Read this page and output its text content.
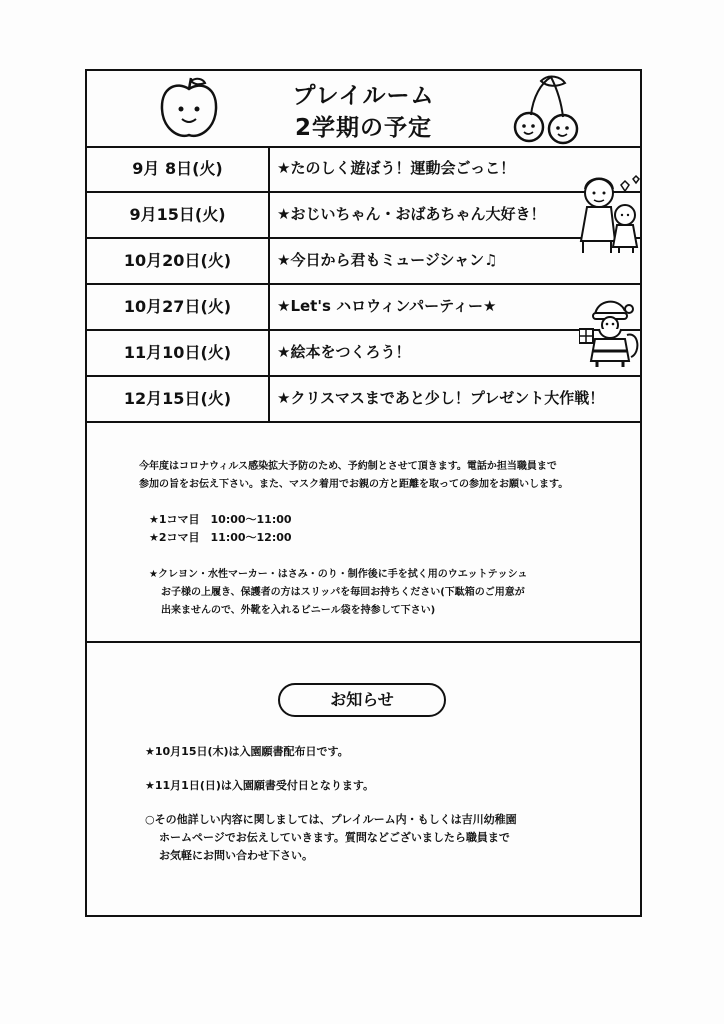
プレイルーム
2学期の予定
9月 8日(火)	★たのしく遊ぼう！運動会ごっこ！
9月15日(火)	★おじいちゃん・おばあちゃん大好き！
10月20日(火)	★今日から君もミュージシャン♫
10月27日(火)	★Let's ハロウィンパーティー★
11月10日(火)	★絵本をつくろう！
12月15日(火)	★クリスマスまであと少し！プレゼント大作戦！
今年度はコロナウィルス感染拡大予防のため、予約制とさせて頂きます。電話か担当職員まで
参加の旨をお伝え下さい。また、マスク着用でお親の方と距離を取っての参加をお願いします。
★1コマ目　10:00～11:00
★2コマ目　11:00～12:00
★クレヨン・水性マーカー・はさみ・のり・制作後に手を拭く用のウエットテッシュ
お子様の上履き、保護者の方はスリッパを毎回お持ちください(下駄箱のご用意が
出来ませんので、外靴を入れるビニール袋を持参して下さい)
お知らせ
★10月15日(木)は入園願書配布日です。
★11月1日(日)は入園願書受付日となります。
○その他詳しい内容に関しましては、プレイルーム内・もしくは吉川幼稚園
ホームページでお伝えしていきます。質問などございましたら職員まで
お気軽にお問い合わせ下さい。
